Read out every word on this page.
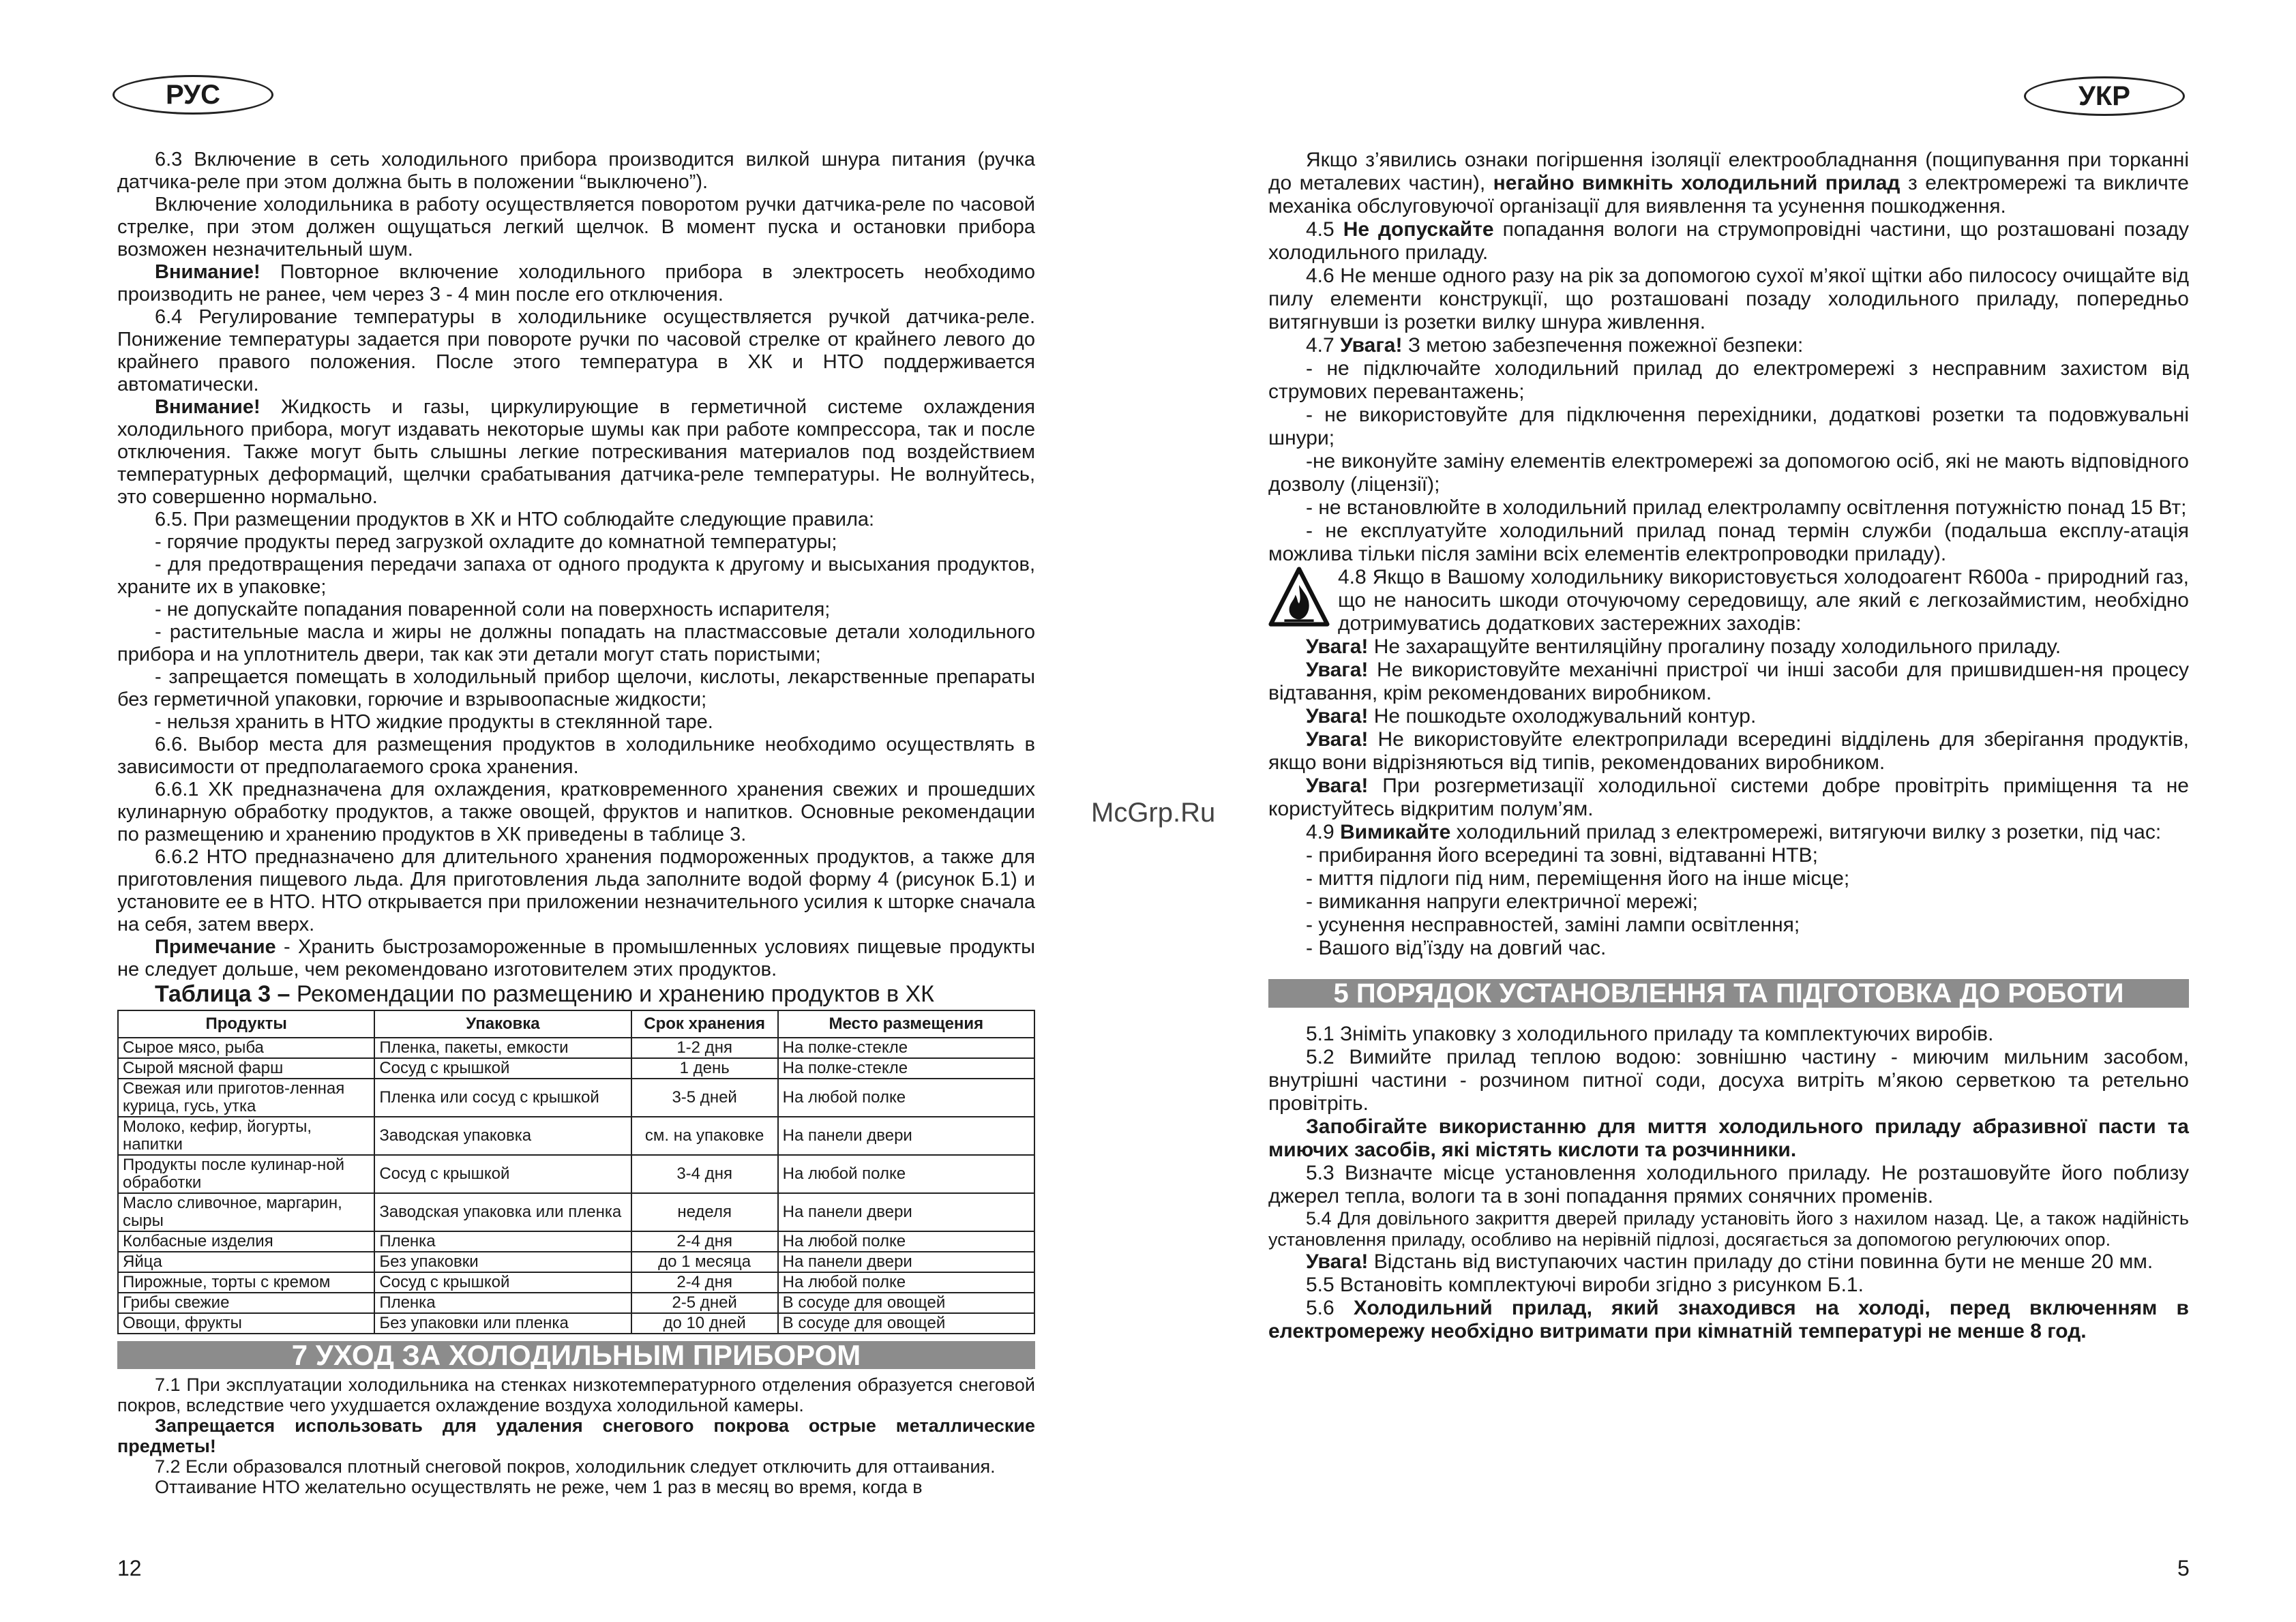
РУС

6.3 Включение в сеть холодильного прибора производится вилкой шнура питания (ручка датчика-реле при этом должна быть в положении “выключено”).

Включение холодильника в работу осуществляется поворотом ручки датчика-реле по часовой стрелке, при этом должен ощущаться легкий щелчок. В момент пуска и остановки прибора возможен незначительный шум.

Внимание! Повторное включение холодильного прибора в электросеть необходимо производить не ранее, чем через 3 - 4 мин после его отключения.

6.4 Регулирование температуры в холодильнике осуществляется ручкой датчика-реле. Понижение температуры задается при повороте ручки по часовой стрелке от крайнего левого до крайнего правого положения. После этого температура в ХК и НТО поддерживается автоматически.

Внимание! Жидкость и газы, циркулирующие в герметичной системе охлаждения холодильного прибора, могут издавать некоторые шумы как при работе компрессора, так и после отключения. Также могут быть слышны легкие потрескивания материалов под воздействием температурных деформаций, щелчки срабатывания датчика-реле температуры. Не волнуйтесь, это совершенно нормально.

6.5. При размещении продуктов в ХК и НТО соблюдайте следующие правила:

- горячие продукты перед загрузкой охладите до комнатной температуры;

- для предотвращения передачи запаха от одного продукта к другому и высыхания продуктов, храните их в упаковке;

- не допускайте попадания поваренной соли на поверхность испарителя;

- растительные масла и жиры не должны попадать на пластмассовые детали холодильного прибора и на уплотнитель двери, так как эти детали могут стать пористыми;

- запрещается помещать в холодильный прибор щелочи, кислоты, лекарственные препараты без герметичной упаковки, горючие и взрывоопасные жидкости;

- нельзя хранить в НТО жидкие продукты в стеклянной таре.

6.6. Выбор места для размещения продуктов в холодильнике необходимо осуществлять в зависимости от предполагаемого срока хранения.

6.6.1 ХК предназначена для охлаждения, кратковременного хранения свежих и прошедших кулинарную обработку продуктов, а также овощей, фруктов и напитков. Основные рекомендации по размещению и хранению продуктов в ХК приведены в таблице 3.

6.6.2 НТО предназначено для длительного хранения подмороженных продуктов, а также для приготовления пищевого льда. Для приготовления льда заполните водой форму 4 (рисунок Б.1) и установите ее в НТО. НТО открывается при приложении незначительного усилия к шторке сначала на себя, затем вверх.

Примечание - Хранить быстрозамороженные в промышленных условиях пищевые продукты не следует дольше, чем рекомендовано изготовителем этих продуктов.

Таблица 3 – Рекомендации по размещению и хранению продуктов в ХК

Продукты	Упаковка	Срок хранения	Место размещения
Сырое мясо, рыба	Пленка, пакеты, емкости	1-2 дня	На полке-стекле
Сырой мясной фарш	Сосуд с крышкой	1 день	На полке-стекле
Свежая или приготов-ленная курица, гусь, утка	Пленка или сосуд с крышкой	3-5 дней	На любой полке
Молоко, кефир, йогурты, напитки	Заводская упаковка	см. на упаковке	На панели двери
Продукты после кулинар-ной обработки	Сосуд с крышкой	3-4 дня	На любой полке
Масло сливочное, маргарин, сыры	Заводская упаковка или пленка	неделя	На панели двери
Колбасные изделия	Пленка	2-4 дня	На любой полке
Яйца	Без упаковки	до 1 месяца	На панели двери
Пирожные, торты с кремом	Сосуд с крышкой	2-4 дня	На любой полке
Грибы свежие	Пленка	2-5 дней	В сосуде для овощей
Овощи, фрукты	Без упаковки или пленка	до 10 дней	В сосуде для овощей
7 УХОД ЗА ХОЛОДИЛЬНЫМ ПРИБОРОМ

7.1 При эксплуатации холодильника на стенках низкотемпературного отделения образуется снеговой покров, вследствие чего ухудшается охлаждение воздуха холодильной камеры.

Запрещается использовать для удаления снегового покрова острые металлические предметы!

7.2 Если образовался плотный снеговой покров, холодильник следует отключить для оттаивания.

Оттаивание НТО желательно осуществлять не реже, чем 1 раз в месяц во время, когда в

12
McGrp.Ru
УКР

Якщо з’явились ознаки погіршення ізоляції електрообладнання (пощипування при торканні до металевих частин), негайно вимкніть холодильний прилад з електромережі та викличте механіка обслуговуючої організації для виявлення та усунення пошкодження.

4.5 Не допускайте попадання вологи на струмопровідні частини, що розташовані позаду холодильного приладу.

4.6 Не менше одного разу на рік за допомогою сухої м’якої щітки або пилососу очищайте від пилу елементи конструкції, що розташовані позаду холодильного приладу, попередньо витягнувши із розетки вилку шнура живлення.

4.7 Увага! З метою забезпечення пожежної безпеки:

- не підключайте холодильний прилад до електромережі з несправним захистом від струмових перевантажень;

- не використовуйте для підключення перехідники, додаткові розетки та подовжувальні шнури;

-не виконуйте заміну елементів електромережі за допомогою осіб, які не мають відповідного дозволу (ліцензії);

- не встановлюйте в холодильний прилад електролампу освітлення потужністю понад 15 Вт;

- не експлуатуйте холодильний прилад понад термін служби (подальша експлу-атація можлива тільки після заміни всіх елементів електропроводки приладу).

4.8 Якщо в Вашому холодильнику використовується холодоагент R600a - природний газ, що не наносить шкоди оточуючому середовищу, але який є легкозаймистим, необхідно дотримуватись додаткових застережних заходів:

Увага! Не захаращуйте вентиляційну прогалину позаду холодильного приладу.

Увага! Не використовуйте механічні пристрої чи інші засоби для пришвидшен-ня процесу відтавання, крім рекомендованих виробником.

Увага! Не пошкодьте охолоджувальний контур.

Увага! Не використовуйте електроприлади всередині відділень для зберігання продуктів, якщо вони відрізняються від типів, рекомендованих виробником.

Увага! При розгерметизації холодильної системи добре провітріть приміщення та не користуйтесь відкритим полум’ям.

4.9 Вимикайте холодильний прилад з електромережі, витягуючи вилку з розетки, під час:

- прибирання його всередині та зовні, відтаванні НТВ;

- миття підлоги під ним, переміщення його на інше місце;

- вимикання напруги електричної мережі;

- усунення несправностей, заміні лампи освітлення;

- Вашого від’їзду на довгий час.

5 ПОРЯДОК УСТАНОВЛЕННЯ ТА ПІДГОТОВКА ДО РОБОТИ

5.1 Зніміть упаковку з холодильного приладу та комплектуючих виробів.

5.2 Вимийте прилад теплою водою: зовнішню частину - миючим мильним засобом, внутрішні частини - розчином питної соди, досуха витріть м’якою серветкою та ретельно провітріть.

Запобігайте використанню для миття холодильного приладу абразивної пасти та миючих засобів, які містять кислоти та розчинники.

5.3 Визначте місце установлення холодильного приладу. Не розташовуйте його поблизу джерел тепла, вологи та в зоні попадання прямих сонячних променів.

5.4 Для довільного закриття дверей приладу установіть його з нахилом назад. Це, а також надійність установлення приладу, особливо на нерівній підлозі, досягається за допомогою регулюючих опор.

Увага! Відстань від виступаючих частин приладу до стіни повинна бути не менше 20 мм.

5.5 Встановіть комплектуючі вироби згідно з рисунком Б.1.

5.6 Холодильний прилад, який знаходився на холоді, перед включенням в електромережу необхідно витримати при кімнатній температурі не менше 8 год.

5
